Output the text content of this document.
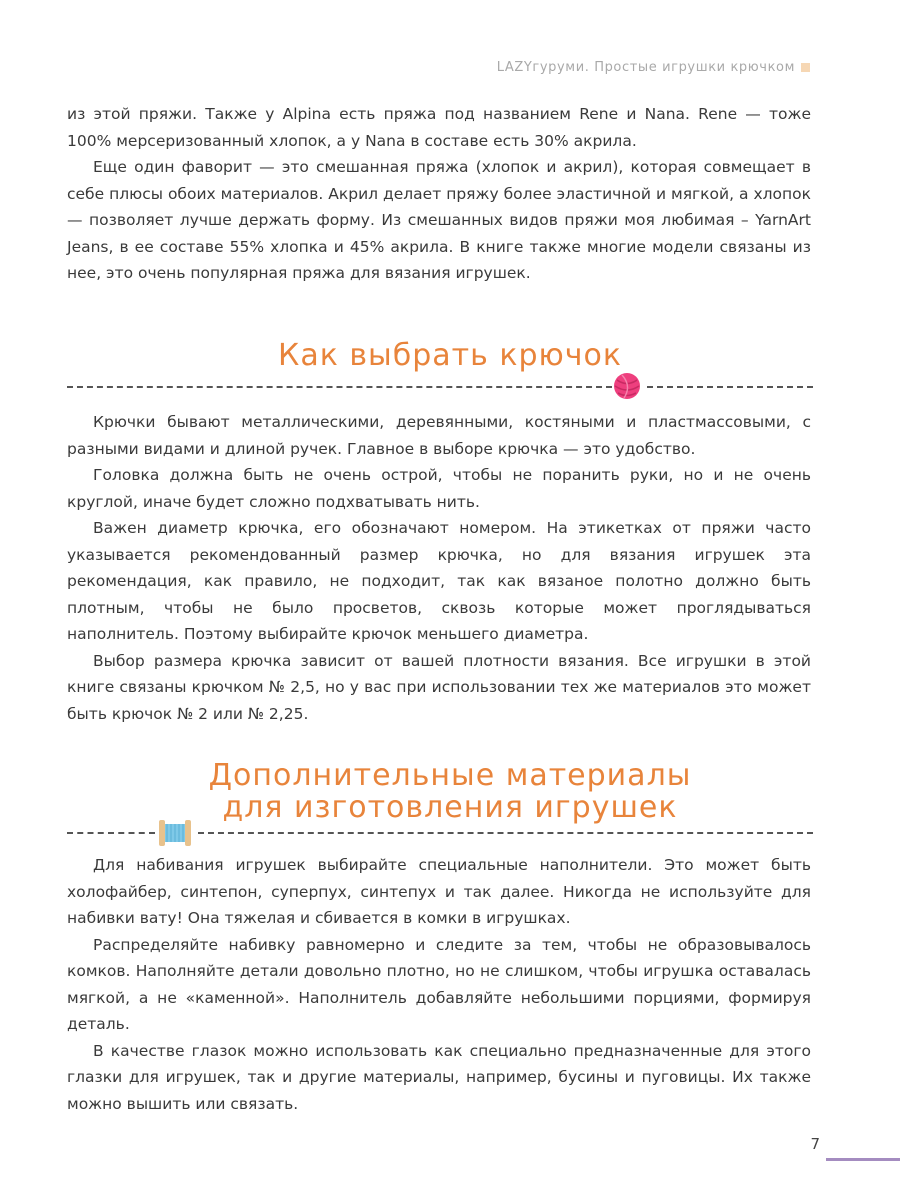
LAZYгуруми. Простые игрушки крючком

из этой пряжи. Также у Alpina есть пряжа под названием Rene и Nana. Rene — тоже 100% мерсеризованный хлопок, а у Nana в составе есть 30% акрила.

Еще один фаворит — это смешанная пряжа (хлопок и акрил), которая совмещает в себе плюсы обоих материалов. Акрил делает пряжу более эластичной и мягкой, а хлопок — позволяет лучше держать форму. Из смешанных видов пряжи моя любимая – YarnArt Jeans, в ее составе 55% хлопка и 45% акрила. В книге также многие модели связаны из нее, это очень популярная пряжа для вязания игрушек.

Как выбрать крючок

Крючки бывают металлическими, деревянными, костяными и пластмассовыми, с разными видами и длиной ручек. Главное в выборе крючка — это удобство.

Головка должна быть не очень острой, чтобы не поранить руки, но и не очень круглой, иначе будет сложно подхватывать нить.

Важен диаметр крючка, его обозначают номером. На этикетках от пряжи часто указывается рекомендованный размер крючка, но для вязания игрушек эта рекомендация, как правило, не подходит, так как вязаное полотно должно быть плотным, чтобы не было просветов, сквозь которые может проглядываться наполнитель. Поэтому выбирайте крючок меньшего диаметра.

Выбор размера крючка зависит от вашей плотности вязания. Все игрушки в этой книге связаны крючком № 2,5, но у вас при использовании тех же материалов это может быть крючок № 2 или № 2,25.

Дополнительные материалы
для изготовления игрушек

Для набивания игрушек выбирайте специальные наполнители. Это может быть холофайбер, синтепон, суперпух, синтепух и так далее. Никогда не используйте для набивки вату! Она тяжелая и сбивается в комки в игрушках.

Распределяйте набивку равномерно и следите за тем, чтобы не образовывалось комков. Наполняйте детали довольно плотно, но не слишком, чтобы игрушка оставалась мягкой, а не «каменной». Наполнитель добавляйте небольшими порциями, формируя деталь.

В качестве глазок можно использовать как специально предназначенные для этого глазки для игрушек, так и другие материалы, например, бусины и пуговицы. Их также можно вышить или связать.

7
